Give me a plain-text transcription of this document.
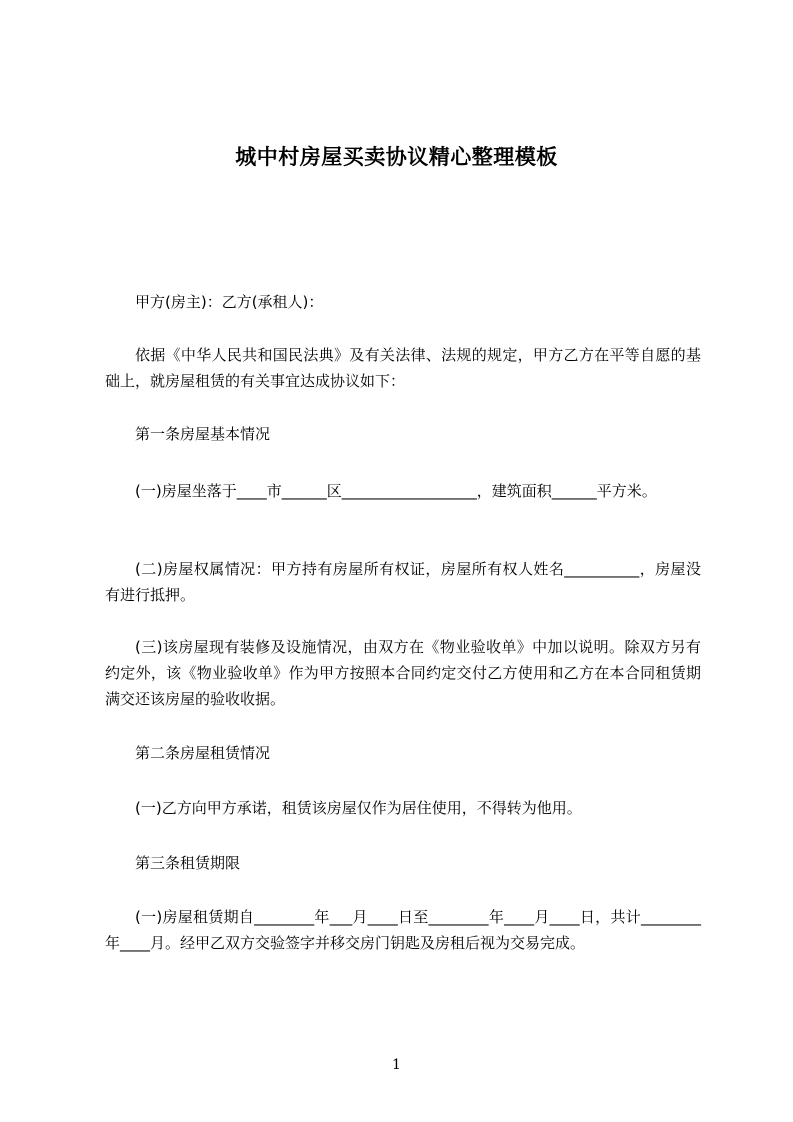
城中村房屋买卖协议精心整理模板

甲方(房主)：乙方(承租人)：

依据《中华人民共和国民法典》及有关法律、法规的规定，甲方乙方在平等自愿的基础上，就房屋租赁的有关事宜达成协议如下：

第一条房屋基本情况

(一)房屋坐落于____市______区__________________，建筑面积______平方米。

(二)房屋权属情况：甲方持有房屋所有权证，房屋所有权人姓名__________，房屋没有进行抵押。

(三)该房屋现有装修及设施情况，由双方在《物业验收单》中加以说明。除双方另有约定外，该《物业验收单》作为甲方按照本合同约定交付乙方使用和乙方在本合同租赁期满交还该房屋的验收收据。

第二条房屋租赁情况

(一)乙方向甲方承诺，租赁该房屋仅作为居住使用，不得转为他用。

第三条租赁期限

(一)房屋租赁期自________年___月____日至________年____月____日，共计________年____月。经甲乙双方交验签字并移交房门钥匙及房租后视为交易完成。

1
